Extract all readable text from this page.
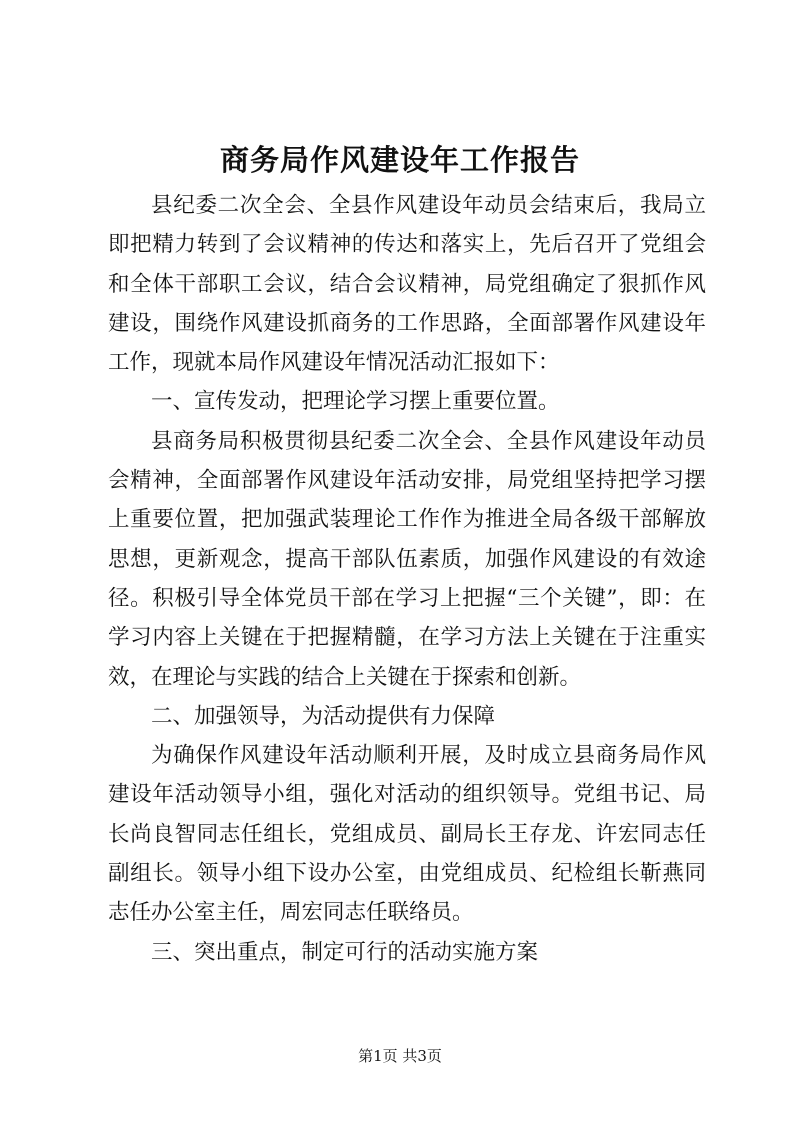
商务局作风建设年工作报告

县纪委二次全会、全县作风建设年动员会结束后，我局立即把精力转到了会议精神的传达和落实上，先后召开了党组会和全体干部职工会议，结合会议精神，局党组确定了狠抓作风建设，围绕作风建设抓商务的工作思路，全面部署作风建设年工作，现就本局作风建设年情况活动汇报如下：

一、宣传发动，把理论学习摆上重要位置。

县商务局积极贯彻县纪委二次全会、全县作风建设年动员会精神，全面部署作风建设年活动安排，局党组坚持把学习摆上重要位置，把加强武装理论工作作为推进全局各级干部解放思想，更新观念，提高干部队伍素质，加强作风建设的有效途径。积极引导全体党员干部在学习上把握“三个关键”，即：在学习内容上关键在于把握精髓，在学习方法上关键在于注重实效，在理论与实践的结合上关键在于探索和创新。

二、加强领导，为活动提供有力保障

为确保作风建设年活动顺利开展，及时成立县商务局作风建设年活动领导小组，强化对活动的组织领导。党组书记、局长尚良智同志任组长，党组成员、副局长王存龙、许宏同志任副组长。领导小组下设办公室，由党组成员、纪检组长靳燕同志任办公室主任，周宏同志任联络员。

三、突出重点，制定可行的活动实施方案

第1页 共3页
